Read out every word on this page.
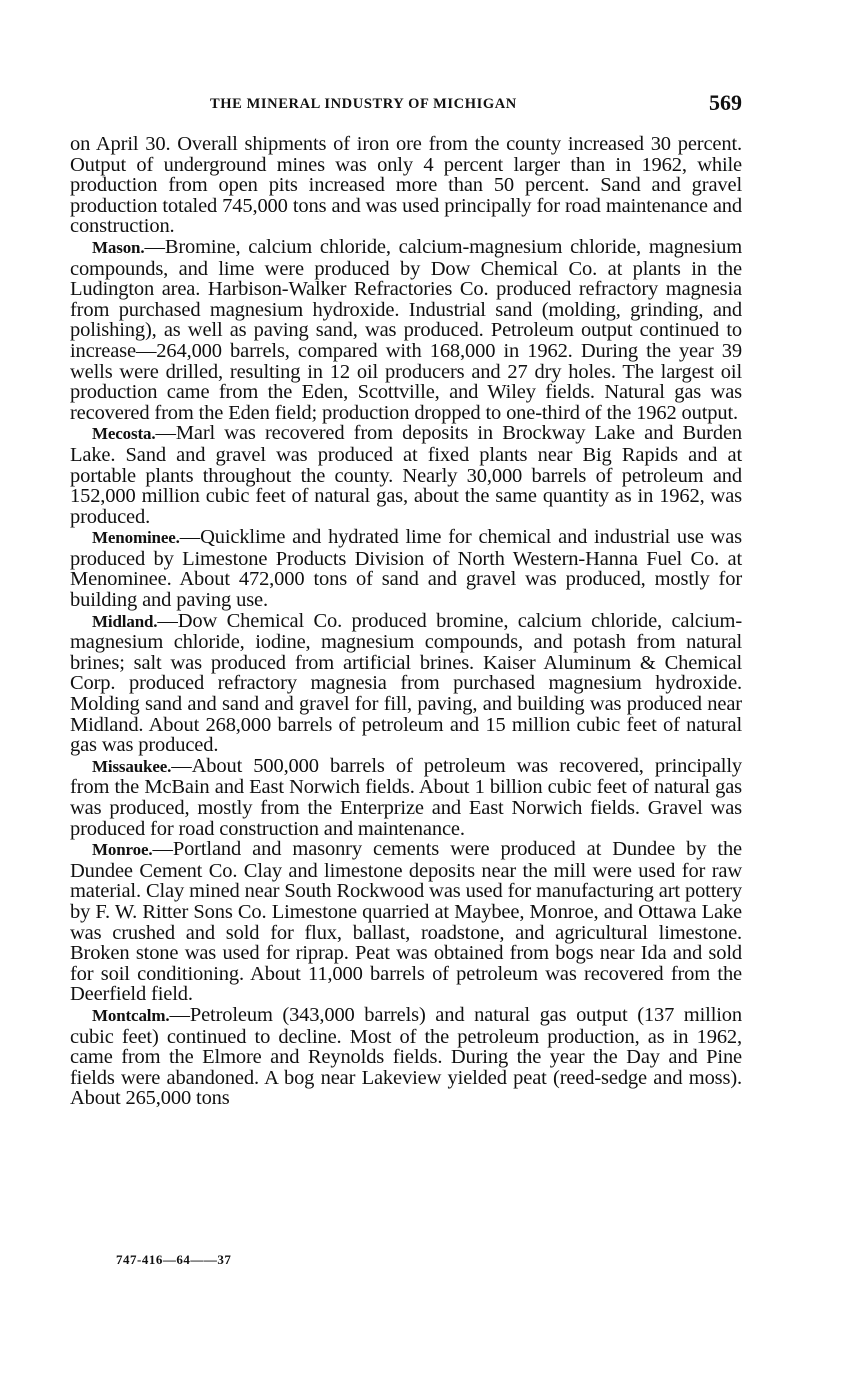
THE MINERAL INDUSTRY OF MICHIGAN	569

on April 30. Overall shipments of iron ore from the county increased 30 percent. Output of underground mines was only 4 percent larger than in 1962, while production from open pits increased more than 50 percent. Sand and gravel production totaled 745,000 tons and was used principally for road maintenance and construction.

Mason.—Bromine, calcium chloride, calcium-magnesium chloride, magnesium compounds, and lime were produced by Dow Chemical Co. at plants in the Ludington area. Harbison-Walker Refractories Co. produced refractory magnesia from purchased magnesium hydroxide. Industrial sand (molding, grinding, and polishing), as well as paving sand, was produced. Petroleum output continued to increase—264,000 barrels, compared with 168,000 in 1962. During the year 39 wells were drilled, resulting in 12 oil producers and 27 dry holes. The largest oil production came from the Eden, Scottville, and Wiley fields. Natural gas was recovered from the Eden field; production dropped to one-third of the 1962 output.

Mecosta.—Marl was recovered from deposits in Brockway Lake and Burden Lake. Sand and gravel was produced at fixed plants near Big Rapids and at portable plants throughout the county. Nearly 30,000 barrels of petroleum and 152,000 million cubic feet of natural gas, about the same quantity as in 1962, was produced.

Menominee.—Quicklime and hydrated lime for chemical and industrial use was produced by Limestone Products Division of North Western-Hanna Fuel Co. at Menominee. About 472,000 tons of sand and gravel was produced, mostly for building and paving use.

Midland.—Dow Chemical Co. produced bromine, calcium chloride, calcium-magnesium chloride, iodine, magnesium compounds, and potash from natural brines; salt was produced from artificial brines. Kaiser Aluminum & Chemical Corp. produced refractory magnesia from purchased magnesium hydroxide. Molding sand and sand and gravel for fill, paving, and building was produced near Midland. About 268,000 barrels of petroleum and 15 million cubic feet of natural gas was produced.

Missaukee.—About 500,000 barrels of petroleum was recovered, principally from the McBain and East Norwich fields. About 1 billion cubic feet of natural gas was produced, mostly from the Enterprize and East Norwich fields. Gravel was produced for road construction and maintenance.

Monroe.—Portland and masonry cements were produced at Dundee by the Dundee Cement Co. Clay and limestone deposits near the mill were used for raw material. Clay mined near South Rockwood was used for manufacturing art pottery by F. W. Ritter Sons Co. Limestone quarried at Maybee, Monroe, and Ottawa Lake was crushed and sold for flux, ballast, roadstone, and agricultural limestone. Broken stone was used for riprap. Peat was obtained from bogs near Ida and sold for soil conditioning. About 11,000 barrels of petroleum was recovered from the Deerfield field.

Montcalm.—Petroleum (343,000 barrels) and natural gas output (137 million cubic feet) continued to decline. Most of the petroleum production, as in 1962, came from the Elmore and Reynolds fields. During the year the Day and Pine fields were abandoned. A bog near Lakeview yielded peat (reed-sedge and moss). About 265,000 tons

747-416—64——37
